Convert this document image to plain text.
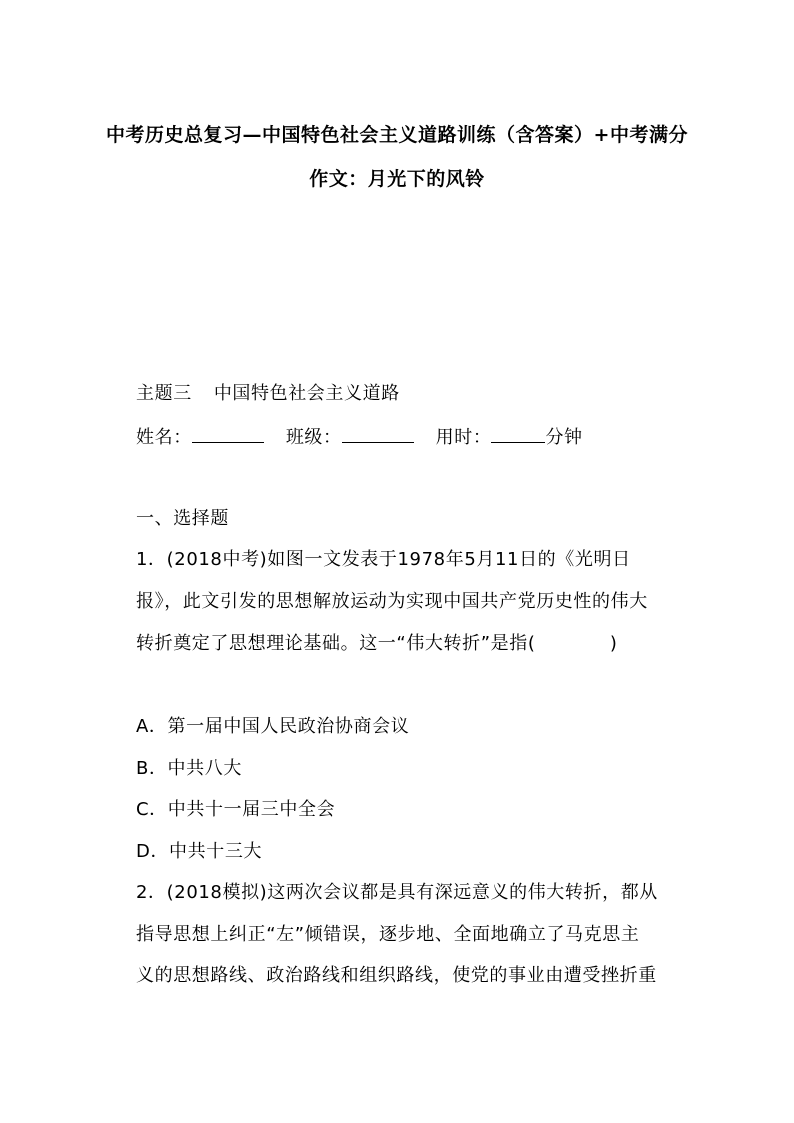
中考历史总复习—中国特色社会主义道路训练（含答案）+中考满分
作文：月光下的风铃
主题三 中国特色社会主义道路
姓名：	班级：	用时：	分钟
一、选择题
1．(2018中考)如图一文发表于1978年5月11日的《光明日
报》，此文引发的思想解放运动为实现中国共产党历史性的伟大
转折奠定了思想理论基础。这一“伟大转折”是指(　　　　)
A．第一届中国人民政治协商会议
B．中共八大
C．中共十一届三中全会
D．中共十三大
2．(2018模拟)这两次会议都是具有深远意义的伟大转折，都从
指导思想上纠正“左”倾错误，逐步地、全面地确立了马克思主
义的思想路线、政治路线和组织路线，使党的事业由遭受挫折重
